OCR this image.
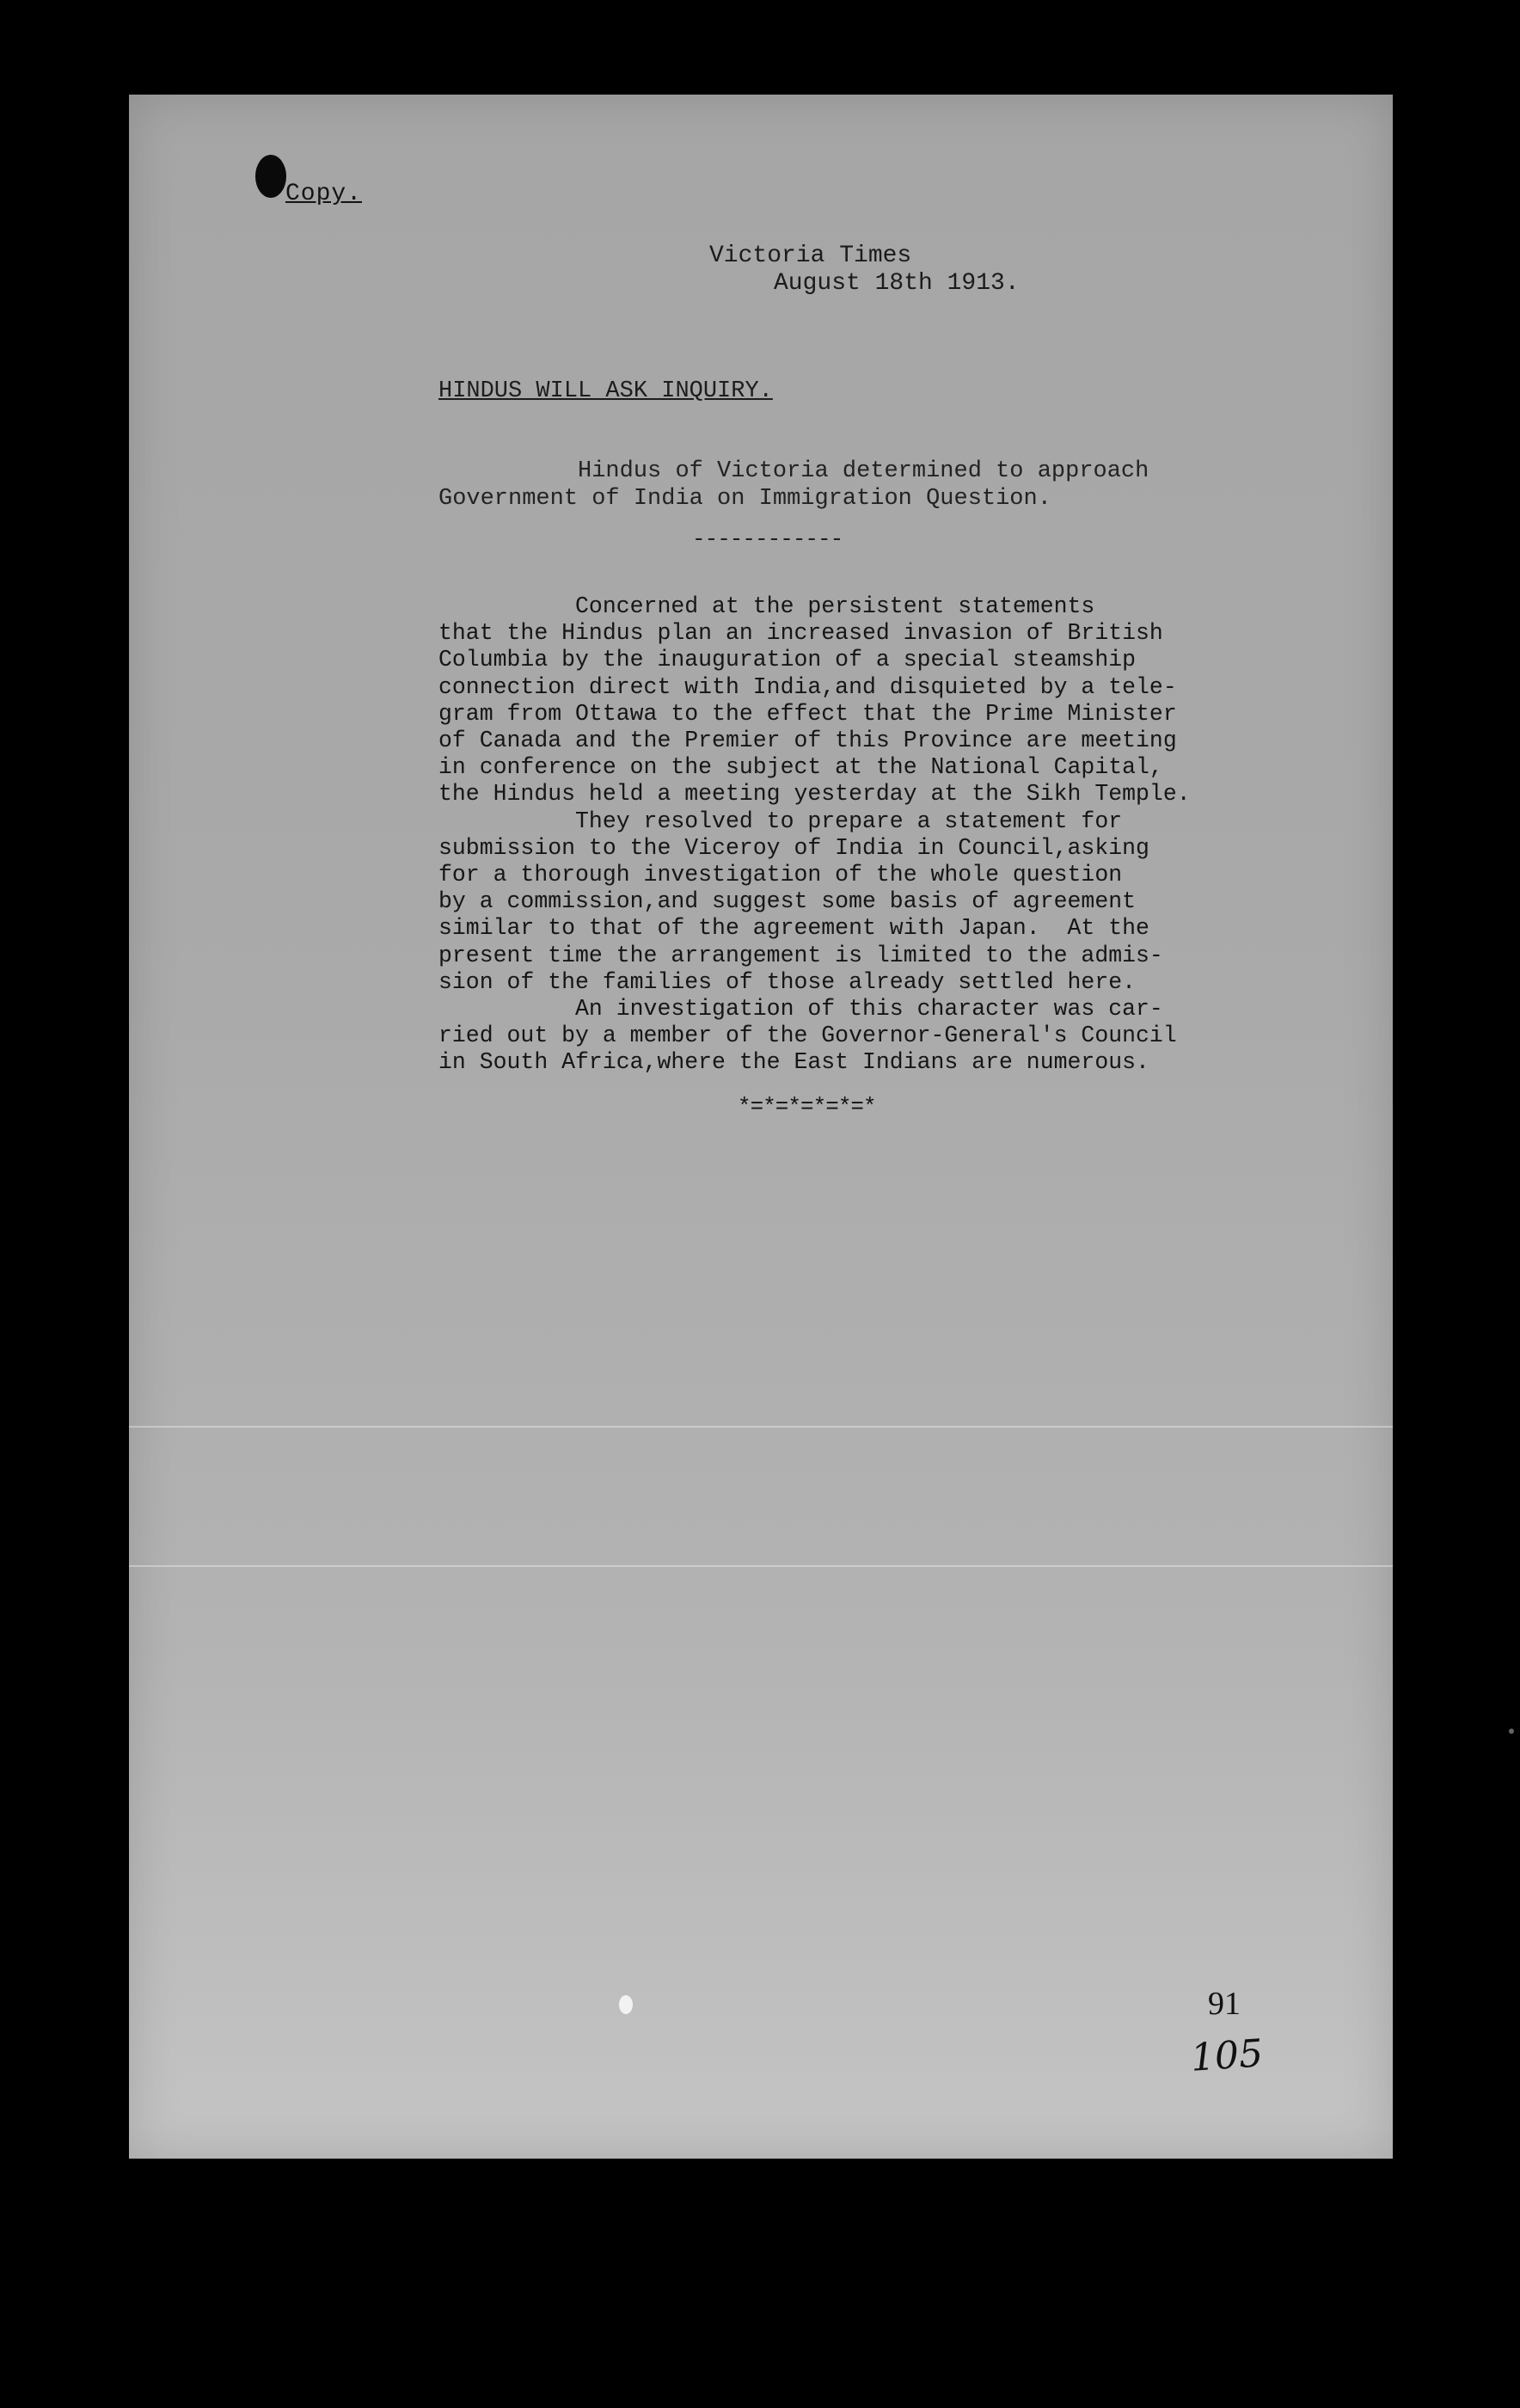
Copy.
Victoria Times
August 18th 1913.
HINDUS WILL ASK INQUIRY.
Hindus of Victoria determined to approach
Government of India on Immigration Question.
------------
Concerned at the persistent statements
that the Hindus plan an increased invasion of British
Columbia by the inauguration of a special steamship
connection direct with India,and disquieted by a tele-
gram from Ottawa to the effect that the Prime Minister
of Canada and the Premier of this Province are meeting
in conference on the subject at the National Capital,
the Hindus held a meeting yesterday at the Sikh Temple.
They resolved to prepare a statement for
submission to the Viceroy of India in Council,asking
for a thorough investigation of the whole question
by a commission,and suggest some basis of agreement
similar to that of the agreement with Japan.  At the
present time the arrangement is limited to the admis-
sion of the families of those already settled here.
An investigation of this character was car-
ried out by a member of the Governor-General's Council
in South Africa,where the East Indians are numerous.
*=*=*=*=*=*
91
105
